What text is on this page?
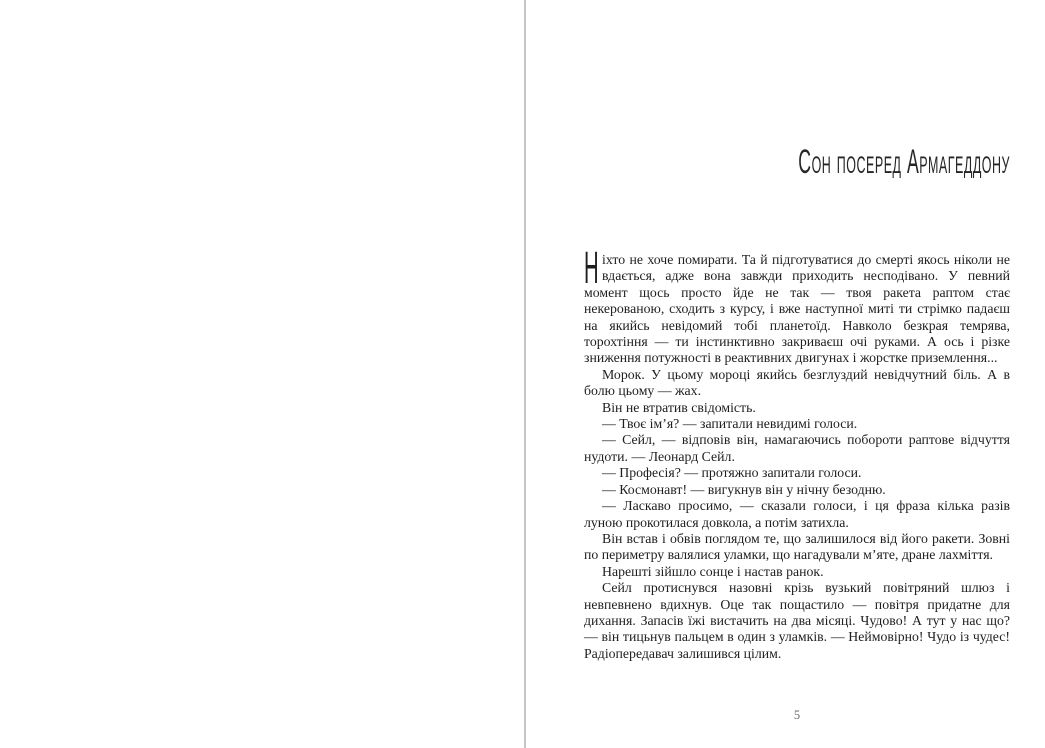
Сон посеред Армагеддону

Ніхто не хоче помирати. Та й підготуватися до смерті якось ніколи не вдається, адже вона завжди приходить несподівано. У певний момент щось просто йде не так — твоя ракета раптом стає некерованою, сходить з курсу, і вже наступної миті ти стрімко падаєш на якийсь невідомий тобі планетоїд. Навколо безкрая темрява, торохтіння — ти інстинктивно закриваєш очі руками. А ось і різке зниження потужності в реактивних двигунах і жорстке приземлення...

Морок. У цьому мороці якийсь безглуздий невідчутний біль. А в болю цьому — жах.

Він не втратив свідомість.

— Твоє ім’я? — запитали невидимі голоси.

— Сейл, — відповів він, намагаючись побороти раптове відчуття нудоти. — Леонард Сейл.

— Професія? — протяжно запитали голоси.

— Космонавт! — вигукнув він у нічну безодню.

— Ласкаво просимо, — сказали голоси, і ця фраза кілька разів луною прокотилася довкола, а потім затихла.

Він встав і обвів поглядом те, що залишилося від його ракети. Зовні по периметру валялися уламки, що нагадували м’яте, дране лахміття.

Нарешті зійшло сонце і настав ранок.

Сейл протиснувся назовні крізь вузький повітряний шлюз і невпевнено вдихнув. Оце так пощастило — повітря придатне для дихання. Запасів їжі вистачить на два місяці. Чудово! А тут у нас що? — він тицьнув пальцем в один з уламків. — Неймовірно! Чудо із чудес! Радіопередавач залишився цілим.

5
